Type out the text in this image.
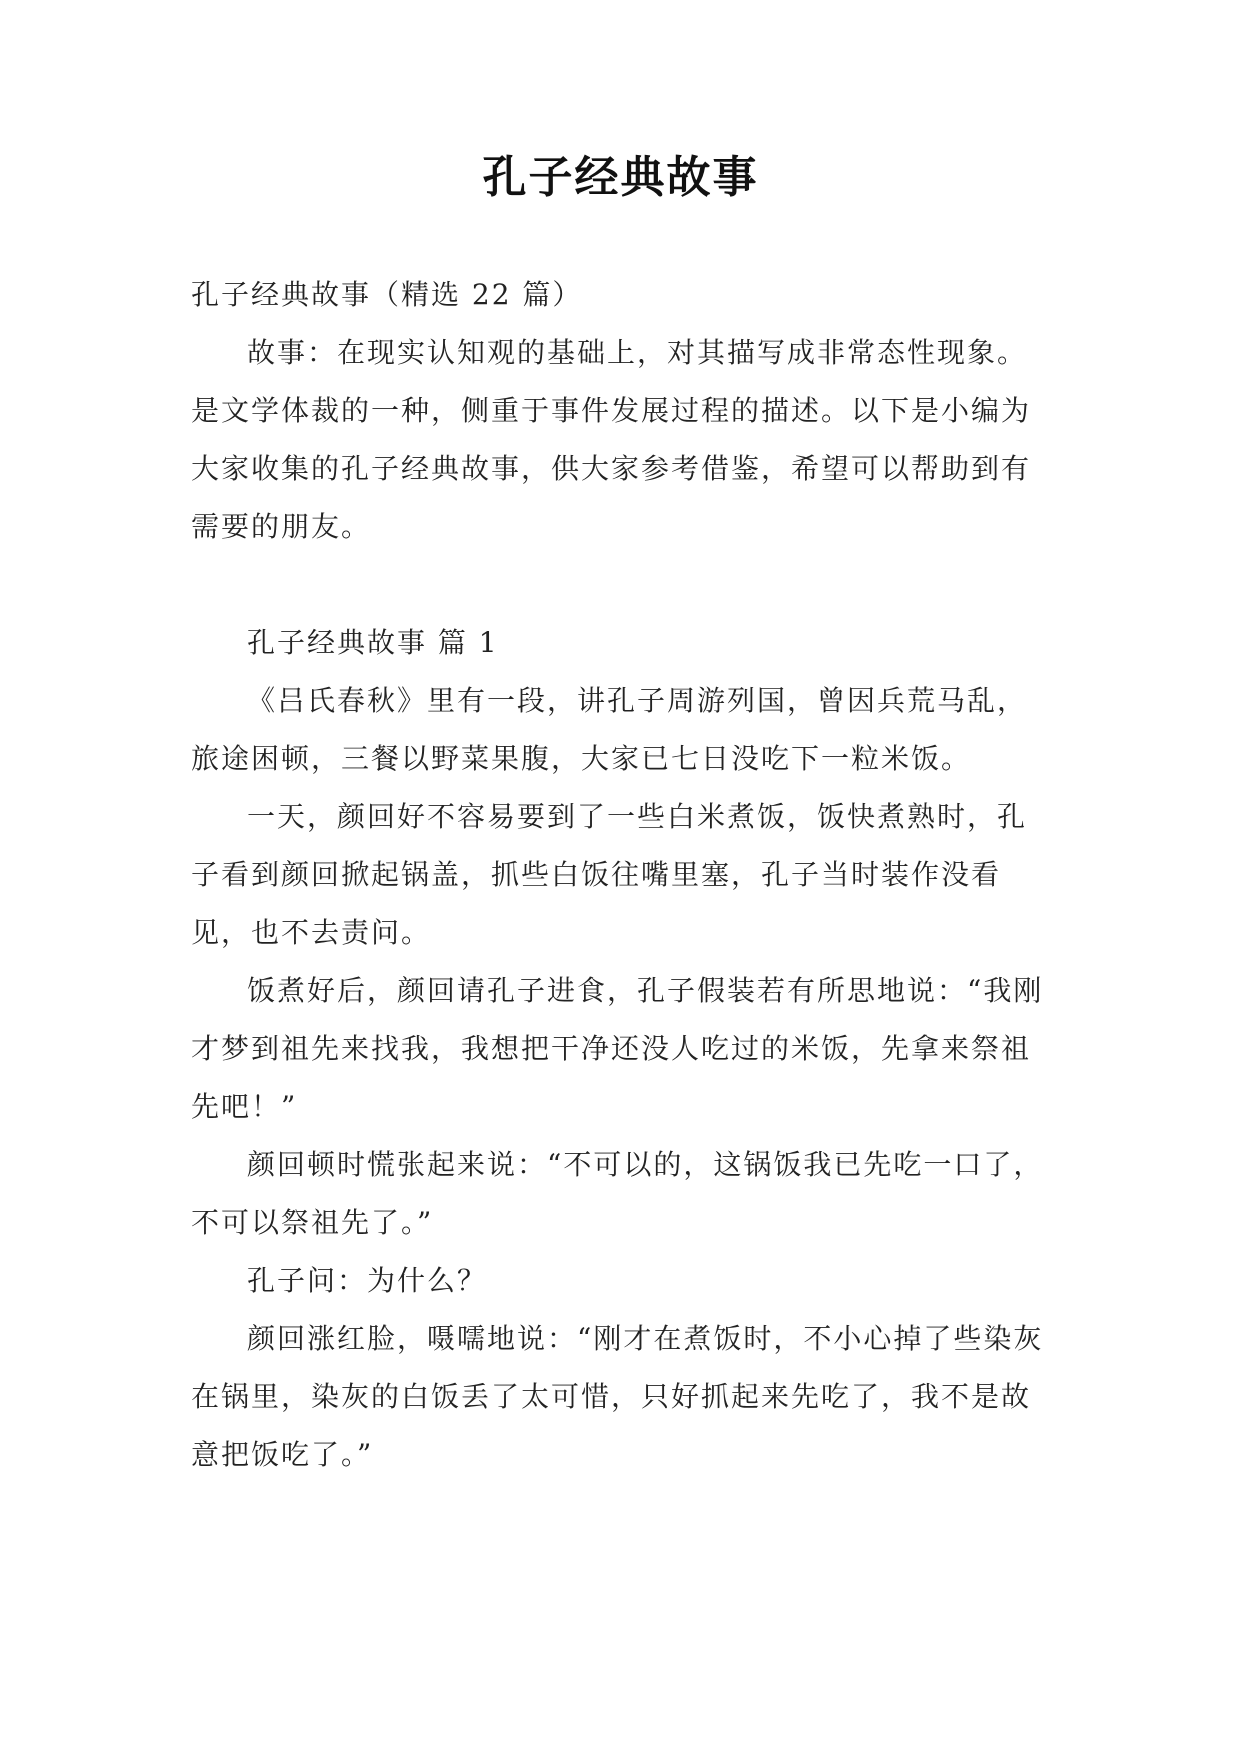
孔子经典故事

孔子经典故事（精选 22 篇）

故事：在现实认知观的基础上，对其描写成非常态性现象。是文学体裁的一种，侧重于事件发展过程的描述。以下是小编为大家收集的孔子经典故事，供大家参考借鉴，希望可以帮助到有需要的朋友。

孔子经典故事 篇 1

《吕氏春秋》里有一段，讲孔子周游列国，曾因兵荒马乱，旅途困顿，三餐以野菜果腹，大家已七日没吃下一粒米饭。

一天，颜回好不容易要到了一些白米煮饭，饭快煮熟时，孔子看到颜回掀起锅盖，抓些白饭往嘴里塞，孔子当时装作没看见，也不去责问。

饭煮好后，颜回请孔子进食，孔子假装若有所思地说：“我刚才梦到祖先来找我，我想把干净还没人吃过的米饭，先拿来祭祖先吧！”

颜回顿时慌张起来说：“不可以的，这锅饭我已先吃一口了，不可以祭祖先了。”

孔子问：为什么？

颜回涨红脸，嗫嚅地说：“刚才在煮饭时，不小心掉了些染灰在锅里，染灰的白饭丢了太可惜，只好抓起来先吃了，我不是故意把饭吃了。”
